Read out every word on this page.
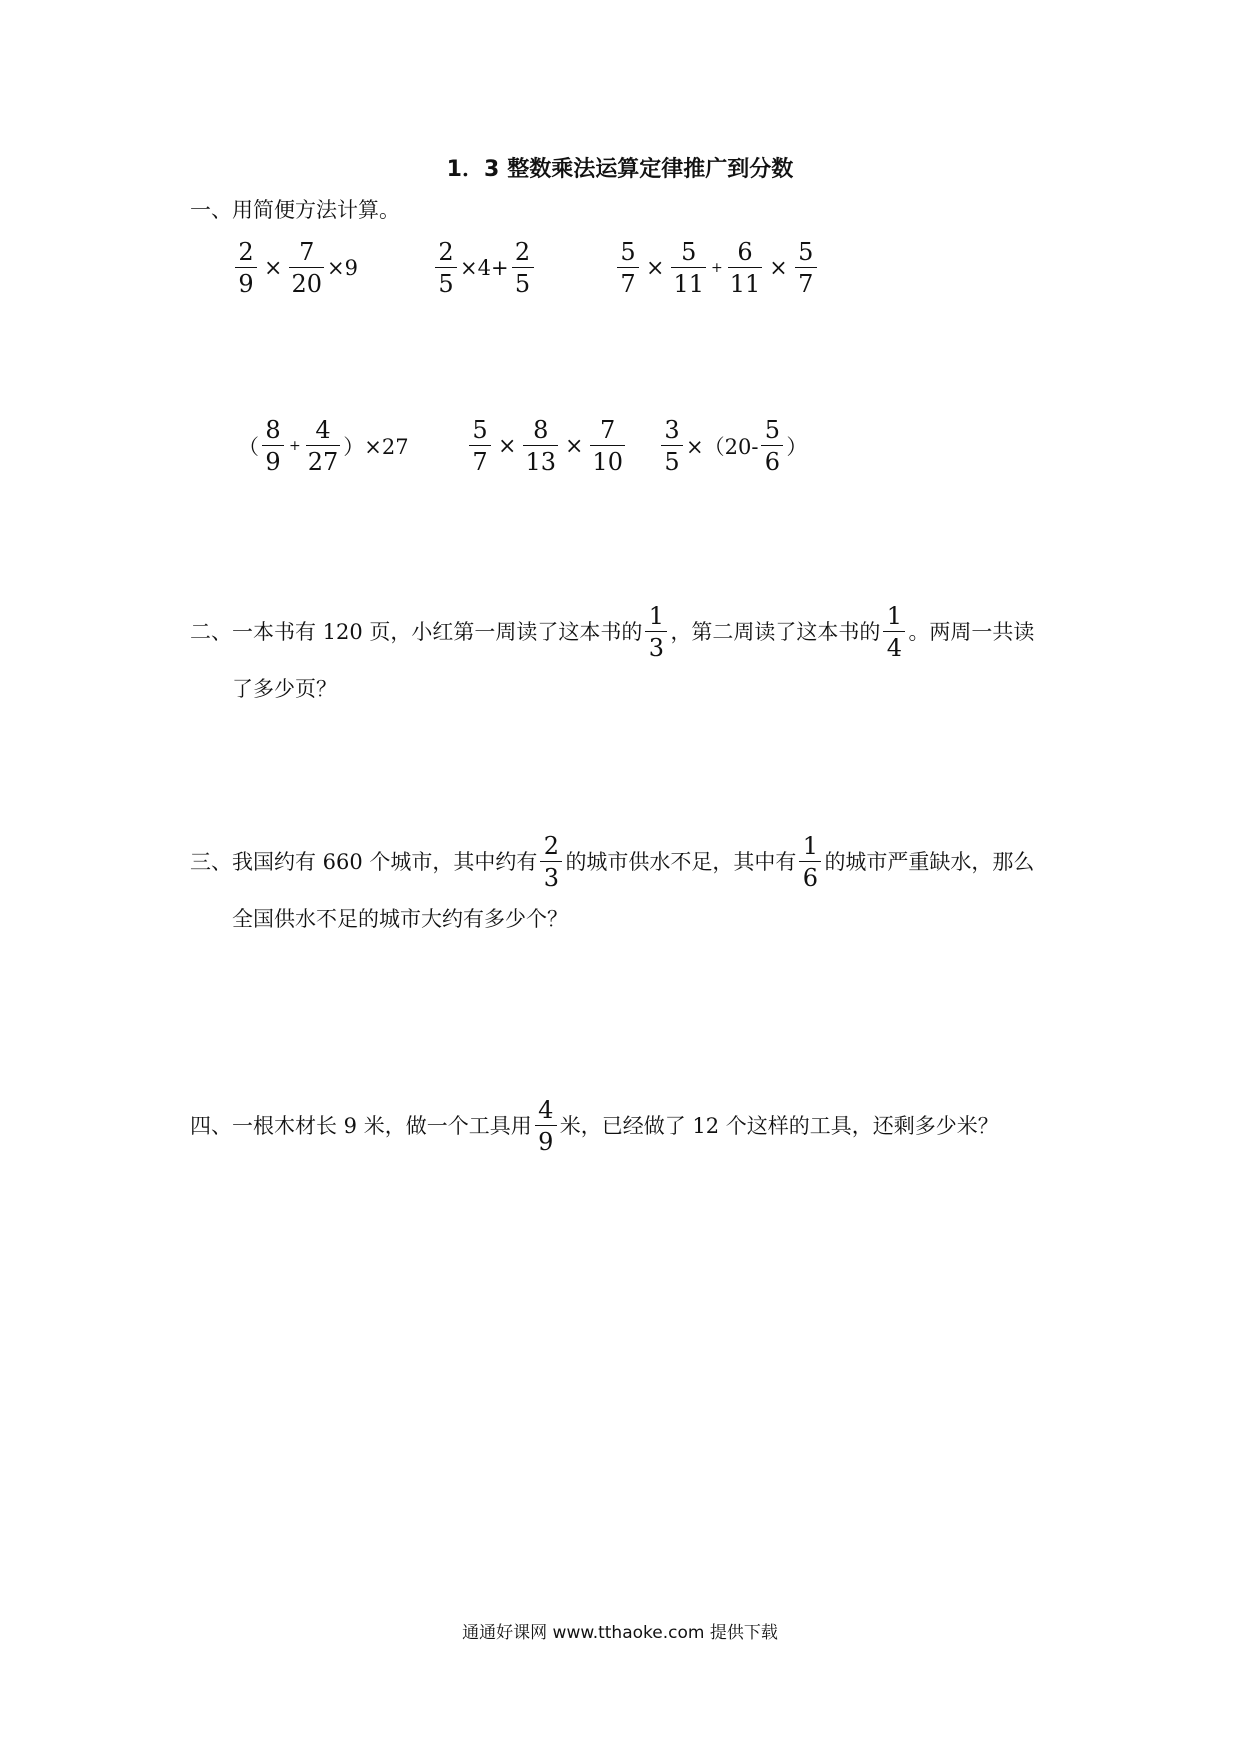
1．3 整数乘法运算定律推广到分数
一、用简便方法计算。
$\frac{2}{9} \times \frac{7}{20} \times 9$	$\frac{2}{5} \times 4+ \frac{2}{5}$	$\frac{5}{7} \times \frac{5}{11} + \frac{6}{11} \times \frac{5}{7}$
（ $\frac{8}{9} + \frac{4}{27} )\times 27$	$\frac{5}{7} \times \frac{8}{13} \times \frac{7}{10} \frac{3}{5} \times(20- \frac{5}{6}$ ）
二、一本书有 120 页，小红第一周读了这本书的 $\frac{1}{3}$ ，第二周读了这本书的 $\frac{1}{4}$ 。两周一共读
了多少页？
三、我国约有 660 个城市，其中约有 $\frac{2}{3}$ 的城市供水不足，其中有 $\frac{1}{6}$ 的城市严重缺水，那么
全国供水不足的城市大约有多少个？
四、一根木材长 9 米，做一个工具用 $\frac{4}{9}$ 米，已经做了 12 个这样的工具，还剩多少米？
通通好课网 www.tthaoke.com 提供下载
